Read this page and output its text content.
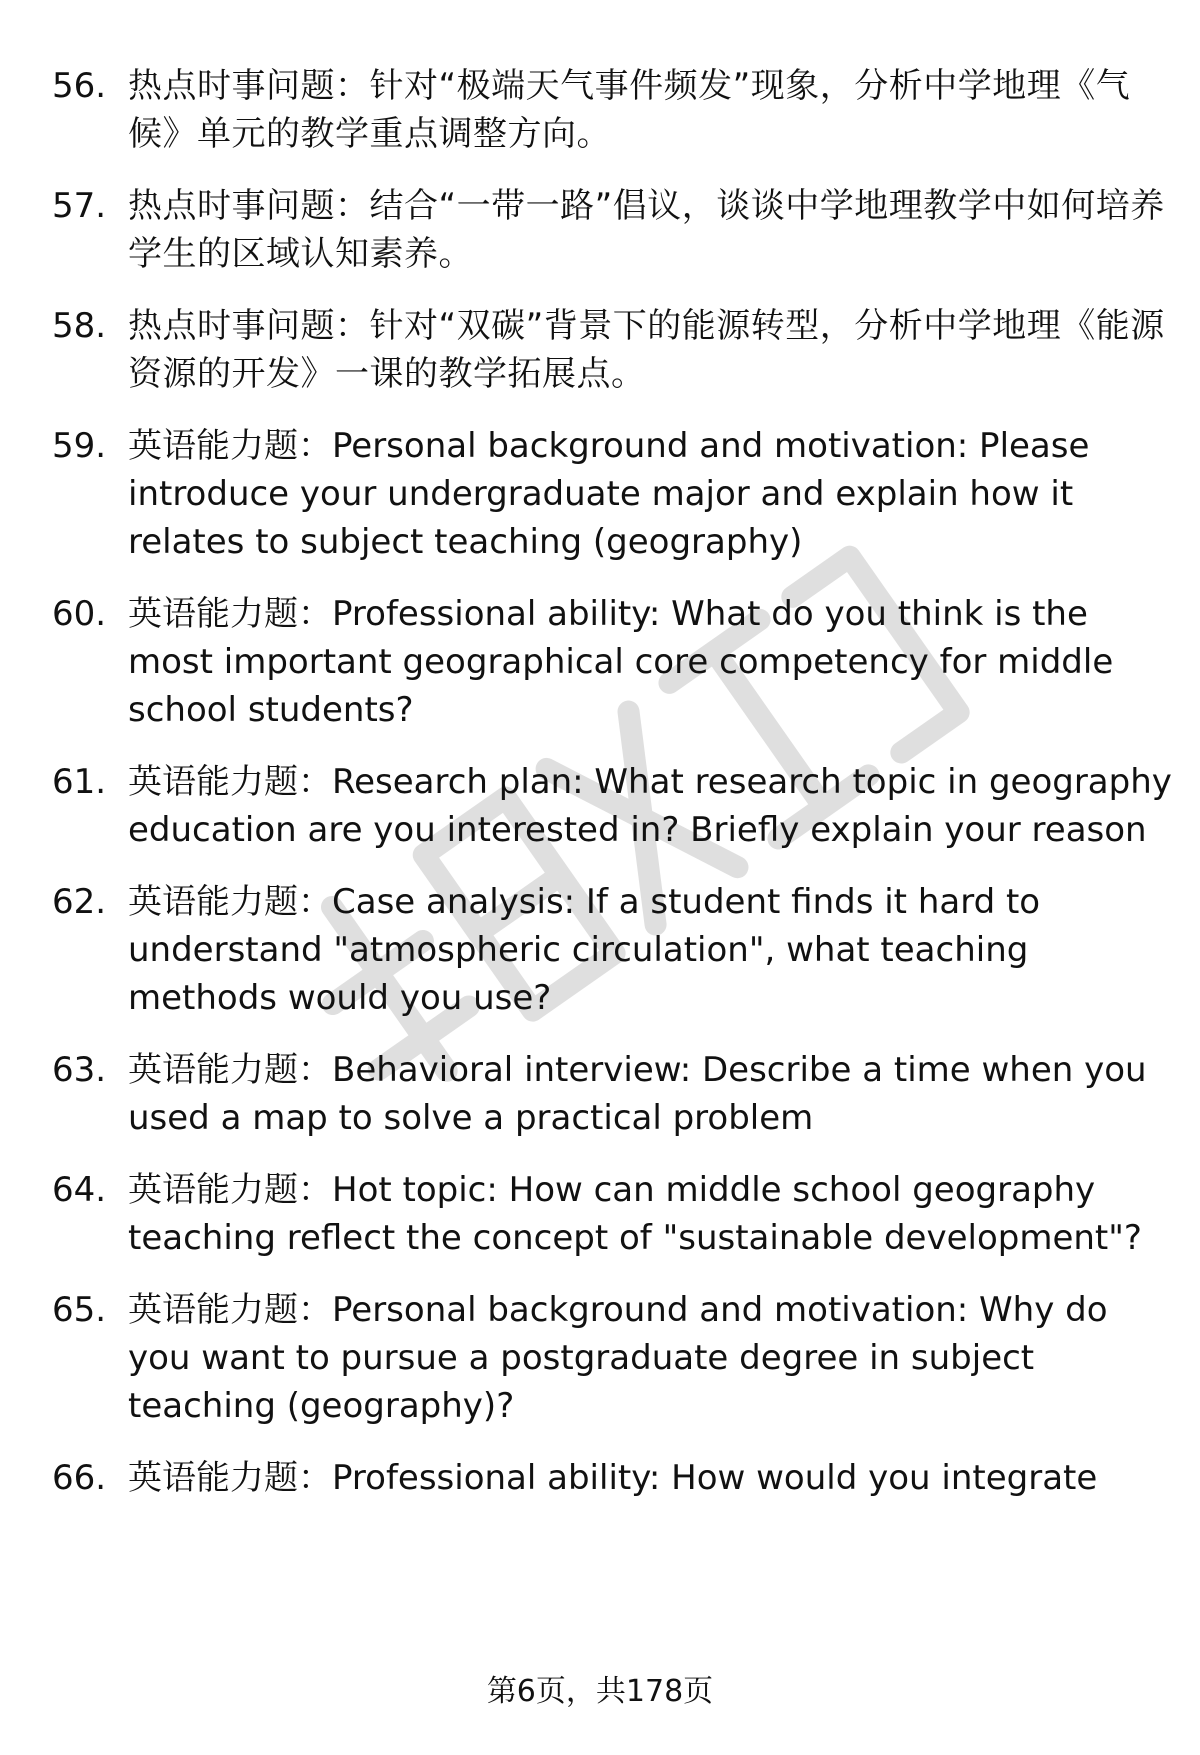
56. 热点时事问题：针对“极端天气事件频发”现象，分析中学地理《气候》单元的教学重点调整方向。
57. 热点时事问题：结合“一带一路”倡议，谈谈中学地理教学中如何培养学生的区域认知素养。
58. 热点时事问题：针对“双碳”背景下的能源转型，分析中学地理《能源资源的开发》一课的教学拓展点。
59. 英语能力题：Personal background and motivation: Please introduce your undergraduate major and explain how it relates to subject teaching (geography)
60. 英语能力题：Professional ability: What do you think is the most important geographical core competency for middle school students?
61. 英语能力题：Research plan: What research topic in geography education are you interested in? Briefly explain your reason
62. 英语能力题：Case analysis: If a student finds it hard to understand "atmospheric circulation", what teaching methods would you use?
63. 英语能力题：Behavioral interview: Describe a time when you used a map to solve a practical problem
64. 英语能力题：Hot topic: How can middle school geography teaching reflect the concept of "sustainable development"?
65. 英语能力题：Personal background and motivation: Why do you want to pursue a postgraduate degree in subject teaching (geography)?
66. 英语能力题：Professional ability: How would you integrate
第6页，共178页
